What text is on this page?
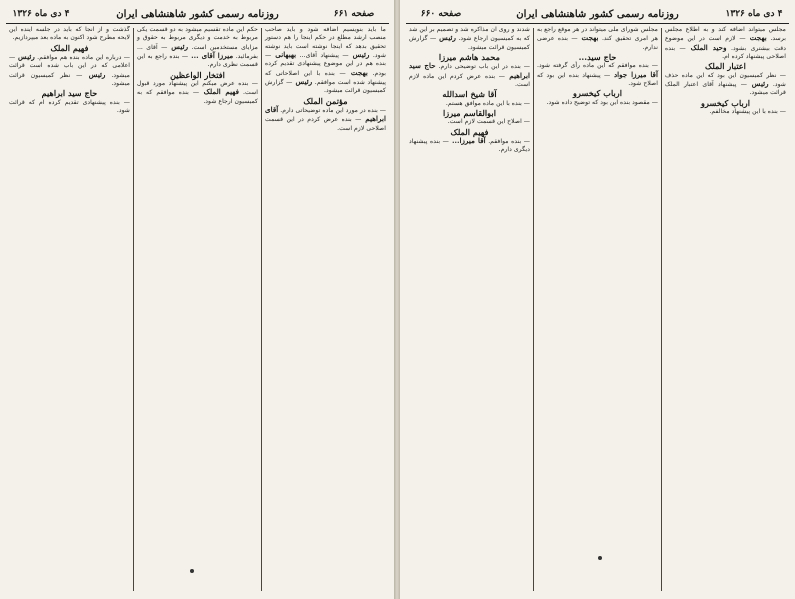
صفحه ۶۶۱
روزنامه رسمی کشور شاهنشاهی ایران
۴ دی ماه ۱۳۲۶
ما باید بنویسیم اضافه شود و باید صاحب منصب ارشد مطلع در حکم اینجا را هم دستور تحقیق بدهد که اینجا نوشته است باید نوشته شود. رئیس — پیشنهاد آقای... بهبهانی — بنده هم در این موضوع پیشنهادی تقدیم کرده بودم. بهجت — بنده با این اصلاحاتی که پیشنهاد شده است موافقم. رئیس — گزارش کمیسیون قرائت میشود.
مؤتمن الملک
— بنده در مورد این ماده توضیحاتی دارم. آقای ابراهیم — بنده عرض کردم در این قسمت اصلاحی لازم است.
حکم این ماده تقسیم میشود به دو قسمت یکی مربوط به خدمت و دیگری مربوط به حقوق و مزایای مستخدمین است. رئیس — آقای ... بفرمائید. میرزا آقای ... — بنده راجع به این قسمت نظری دارم.
افتخار الواعظین
— بنده عرض میکنم این پیشنهاد مورد قبول است. فهیم الملک — بنده موافقم که به کمیسیون ارجاع شود.
گذشت و از آنجا که باید در جلسه آینده این لایحه مطرح شود اکنون به ماده بعد میپردازیم.
فهیم الملک
— درباره این ماده بنده هم موافقم. رئیس — اعلامی که در این باب شده است قرائت میشود. رئیس — نظر کمیسیون قرائت میشود.
حاج سید ابراهیم
— بنده پیشنهادی تقدیم کرده ام که قرائت شود.
۴ دی ماه ۱۳۲۶
روزنامه رسمی کشور شاهنشاهی ایران
صفحه ۶۶۰
مجلس میتواند اضافه کند و به اطلاع مجلس برسد. بهجت — لازم است در این موضوع دقت بیشتری بشود. وحید الملک — بنده اصلاحی پیشنهاد کرده ام.
اعتبار الملک
— نظر کمیسیون این بود که این ماده حذف شود. رئیس — پیشنهاد آقای اعتبار الملک قرائت میشود.
ارباب کیخسرو
— بنده با این پیشنهاد مخالفم.
مجلس شورای ملی میتواند در هر موقع راجع به هر امری تحقیق کند. بهجت — بنده عرضی ندارم.
حاج سید...
— بنده موافقم که این ماده رأی گرفته شود. آقا میرزا جواد — پیشنهاد بنده این بود که اصلاح شود.
ارباب کیخسرو
— مقصود بنده این بود که توضیح داده شود.
شدند و روی آن مذاکره شد و تصمیم بر این شد که به کمیسیون ارجاع شود. رئیس — گزارش کمیسیون قرائت میشود.
محمد هاشم میرزا
— بنده در این باب توضیحی دارم. حاج سید ابراهیم — بنده عرض کردم این ماده لازم است.
آقا شیخ اسدالله
— بنده با این ماده موافق هستم.
ابوالقاسم میرزا
— اصلاح این قسمت لازم است.
فهیم الملک
— بنده موافقم. آقا میرزا... — بنده پیشنهاد دیگری دارم.
